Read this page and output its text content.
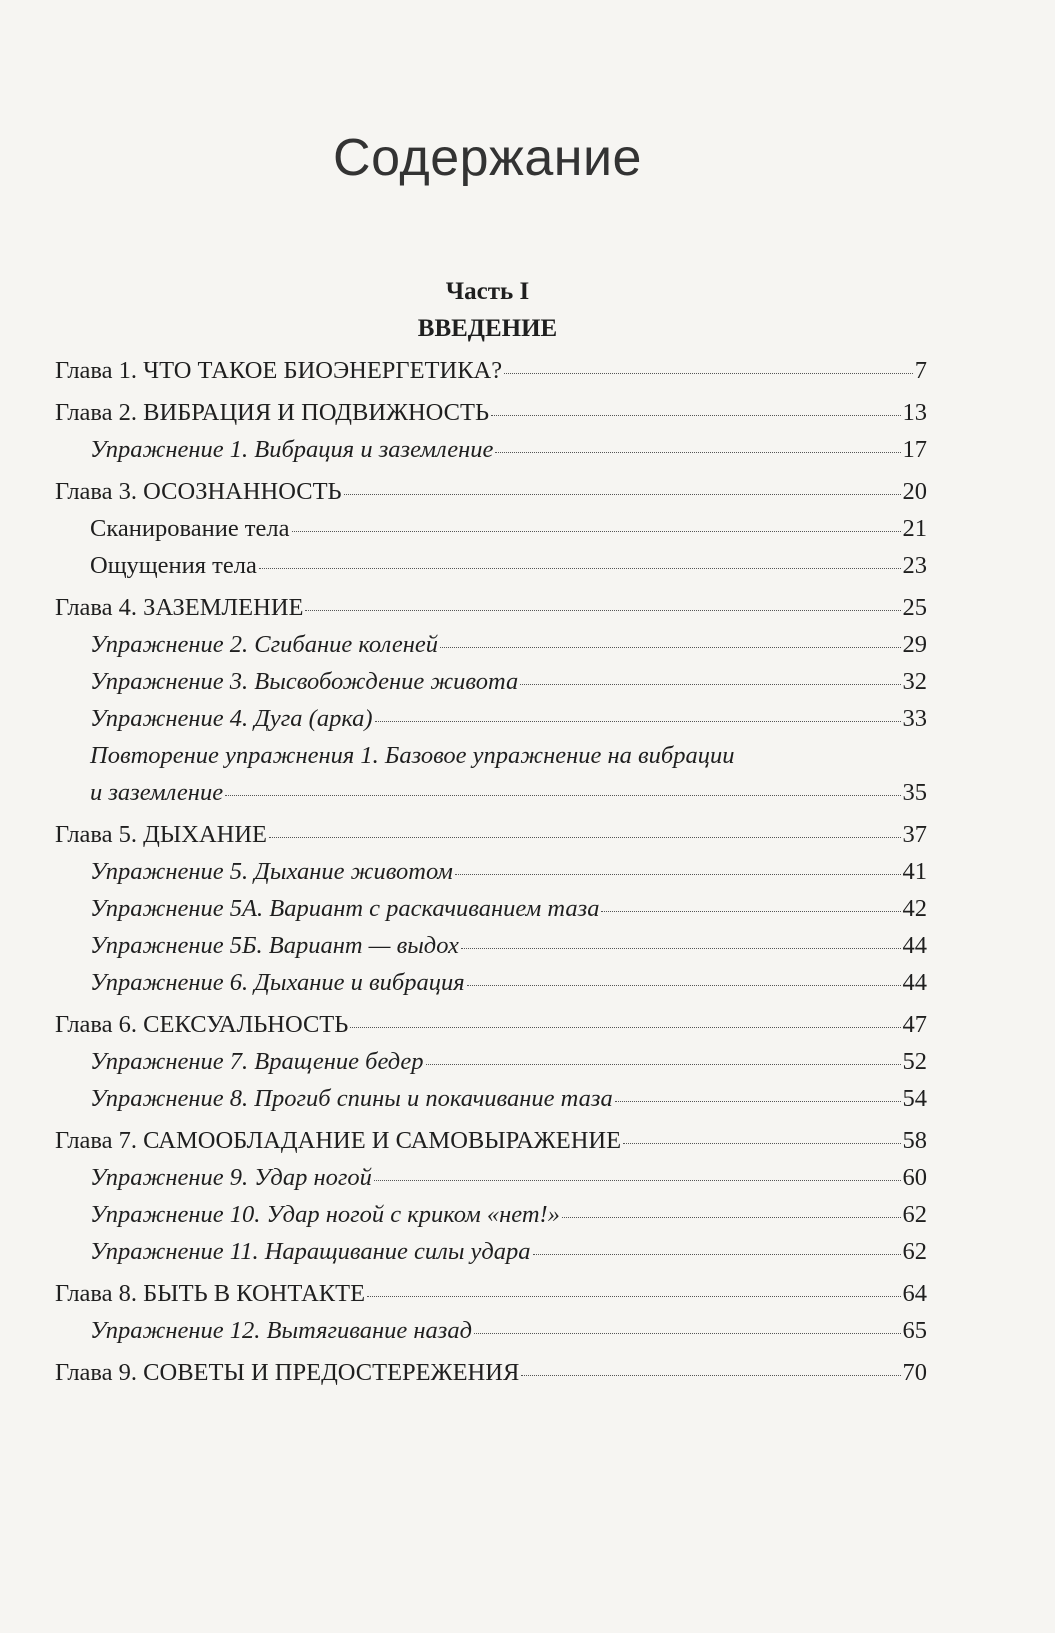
Содержание
Часть I
ВВЕДЕНИЕ
Глава 1. ЧТО ТАКОЕ БИОЭНЕРГЕТИКА?	7
Глава 2. ВИБРАЦИЯ И ПОДВИЖНОСТЬ	13
Упражнение 1. Вибрация и заземление	17
Глава 3. ОСОЗНАННОСТЬ	20
Сканирование тела	21
Ощущения тела	23
Глава 4. ЗАЗЕМЛЕНИЕ	25
Упражнение 2. Сгибание коленей	29
Упражнение 3. Высвобождение живота	32
Упражнение 4. Дуга (арка)	33
Повторение упражнения 1. Базовое упражнение на вибрации
и заземление	35
Глава 5. ДЫХАНИЕ	37
Упражнение 5. Дыхание животом	41
Упражнение 5А. Вариант с раскачиванием таза	42
Упражнение 5Б. Вариант — выдох	44
Упражнение 6. Дыхание и вибрация	44
Глава 6. СЕКСУАЛЬНОСТЬ	47
Упражнение 7. Вращение бедер	52
Упражнение 8. Прогиб спины и покачивание таза	54
Глава 7. САМООБЛАДАНИЕ И САМОВЫРАЖЕНИЕ	58
Упражнение 9. Удар ногой	60
Упражнение 10. Удар ногой с криком «нет!»	62
Упражнение 11. Наращивание силы удара	62
Глава 8. БЫТЬ В КОНТАКТЕ	64
Упражнение 12. Вытягивание назад	65
Глава 9. СОВЕТЫ И ПРЕДОСТЕРЕЖЕНИЯ	70
